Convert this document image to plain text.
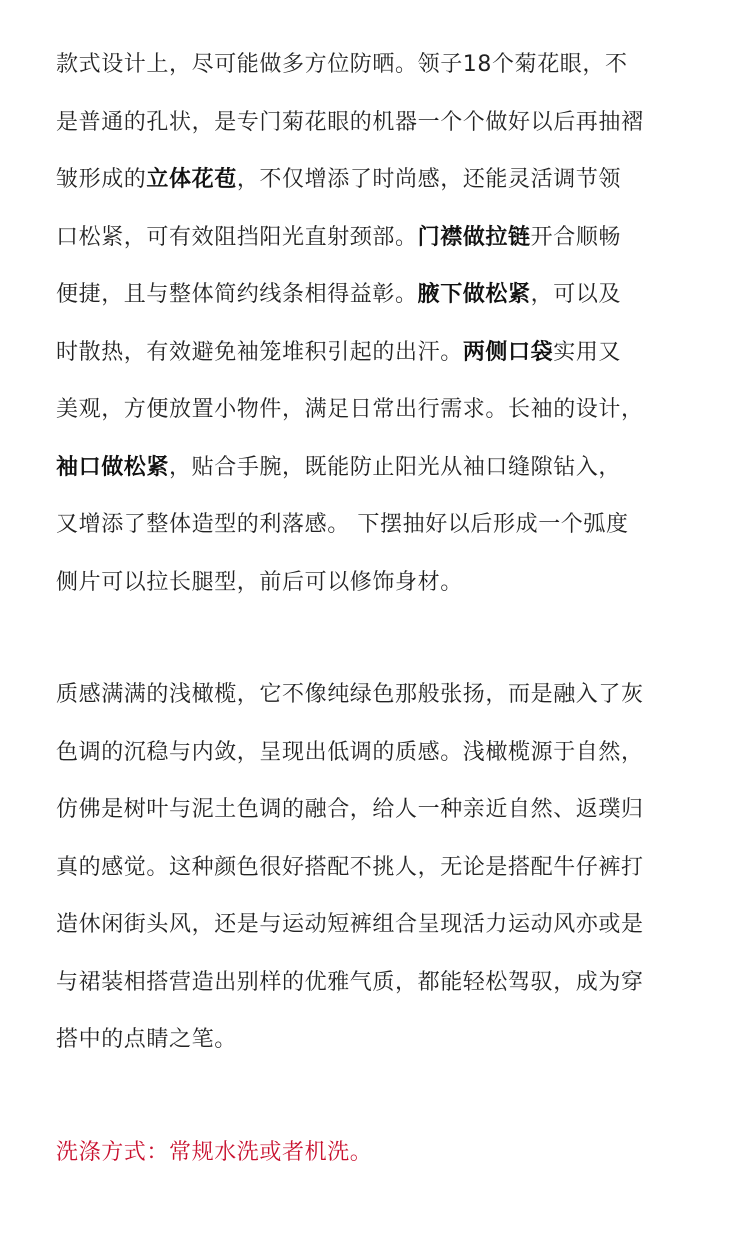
款式设计上，尽可能做多方位防晒。领子18个菊花眼，不
是普通的孔状，是专门菊花眼的机器一个个做好以后再抽褶
皱形成的立体花苞，不仅增添了时尚感，还能灵活调节领
口松紧，可有效阻挡阳光直射颈部。门襟做拉链开合顺畅
便捷，且与整体简约线条相得益彰。腋下做松紧，可以及
时散热，有效避免袖笼堆积引起的出汗。两侧口袋实用又
美观，方便放置小物件，满足日常出行需求。长袖的设计，
袖口做松紧，贴合手腕，既能防止阳光从袖口缝隙钻入，
又增添了整体造型的利落感。 下摆抽好以后形成一个弧度
侧片可以拉长腿型，前后可以修饰身材。

质感满满的浅橄榄，它不像纯绿色那般张扬，而是融入了灰
色调的沉稳与内敛，呈现出低调的质感。浅橄榄源于自然，
仿佛是树叶与泥土色调的融合，给人一种亲近自然、返璞归
真的感觉。这种颜色很好搭配不挑人，无论是搭配牛仔裤打
造休闲街头风，还是与运动短裤组合呈现活力运动风亦或是
与裙装相搭营造出别样的优雅气质，都能轻松驾驭，成为穿
搭中的点睛之笔。

洗涤方式：常规水洗或者机洗。
